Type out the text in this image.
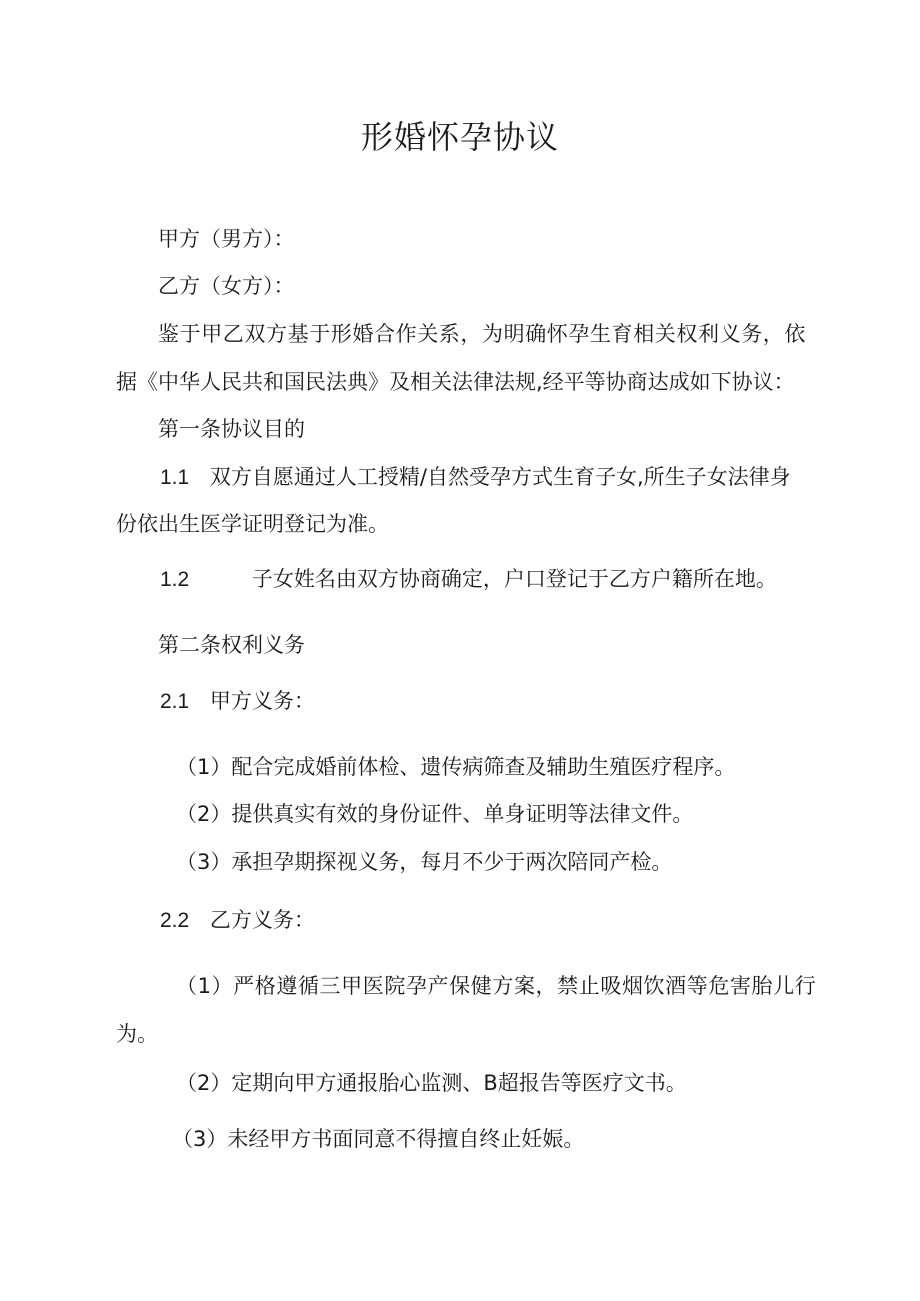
形婚怀孕协议
甲方（男方）：
乙方（女方）：
鉴于甲乙双方基于形婚合作关系，为明确怀孕生育相关权利义务，依
据《中华人民共和国民法典》及相关法律法规,经平等协商达成如下协议：
第一条协议目的
1.1 双方自愿通过人工授精/自然受孕方式生育子女,所生子女法律身
份依出生医学证明登记为准。
1.2	子女姓名由双方协商确定，户口登记于乙方户籍所在地。
第二条权利义务
2.1 甲方义务：
（1）配合完成婚前体检、遗传病筛查及辅助生殖医疗程序。
（2）提供真实有效的身份证件、单身证明等法律文件。
（3）承担孕期探视义务，每月不少于两次陪同产检。
2.2 乙方义务：
（1）严格遵循三甲医院孕产保健方案，禁止吸烟饮酒等危害胎儿行
为。
（2）定期向甲方通报胎心监测、B超报告等医疗文书。
（3）未经甲方书面同意不得擅自终止妊娠。
